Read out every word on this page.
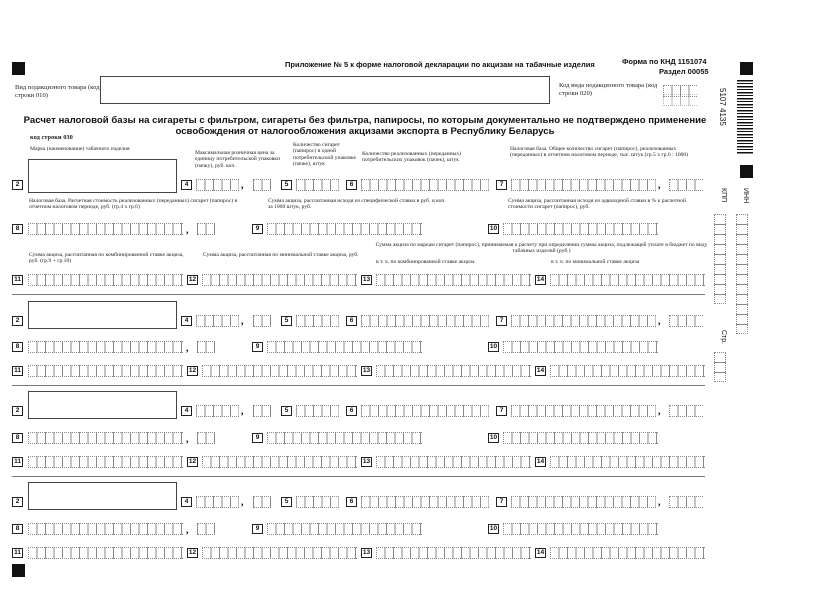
Приложение № 5 к форме налоговой декларации по акцизам на табачные изделия	Форма по КНД 1151074
Раздел 00055
Вид подакцизного товара (код строки 010)
Код вида подакцизного товара (код строки 020)	5107 4135
ИНН
КПП
Стр.
Расчет налоговой базы на сигареты с фильтром, сигареты без фильтра, папиросы, по которым документально не подтверждено применение
освобождения от налогообложения акцизами экспорта в Республику Беларусь
код строки 030
Марка (наименование) табачного изделия
Максимальная розничная цена за единицу потребительской упаковки (пачку), руб. коп.
Количество сигарет (папирос) в одной потребительской упаковке (пачке), штук
Количество реализованных (переданных) потребительских упаковок (пачек), штук
Налоговая база. Общее количество сигарет (папирос), реализованных (переданных) в отчетном налоговом периоде, тыс. штук (гр.5 х гр.6 : 1000)
Налоговая база. Расчетная стоимость реализованных (переданных) сигарет (папирос) в отчетном налоговом периоде, руб. (гр.4 х гр.6)
Сумма акциза, рассчитанная исходя из специфической ставки в руб. и коп. за 1000 штук, руб.
Сумма акциза, рассчитанная исходя из адвалорной ставки в % к расчетной стоимости сигарет (папирос), руб.
Сумма акциза, рассчитанная по комбинированной ставке акциза, руб. (гр.9 + гр.10)
Сумма акциза, рассчитанная по минимальной ставке акциза, руб.
Сумма акциза по маркам сигарет (папирос), принимаемая к расчету при определении суммы акциза, подлежащей уплате в бюджет по виду табачных изделий (руб.)
в т. ч. по комбинированной ставке акциза	в т. ч. по минимальной ставке акциза
2	4	,	5	6	7	,
8	,	9	10
11	12	13	14
2	4	,	5	6	7	,
8	,	9	10
11	12	13	14
2	4	,	5	6	7	,
8	,	9	10
11	12	13	14
2	4	,	5	6	7	,
8	,	9	10
11	12	13	14
